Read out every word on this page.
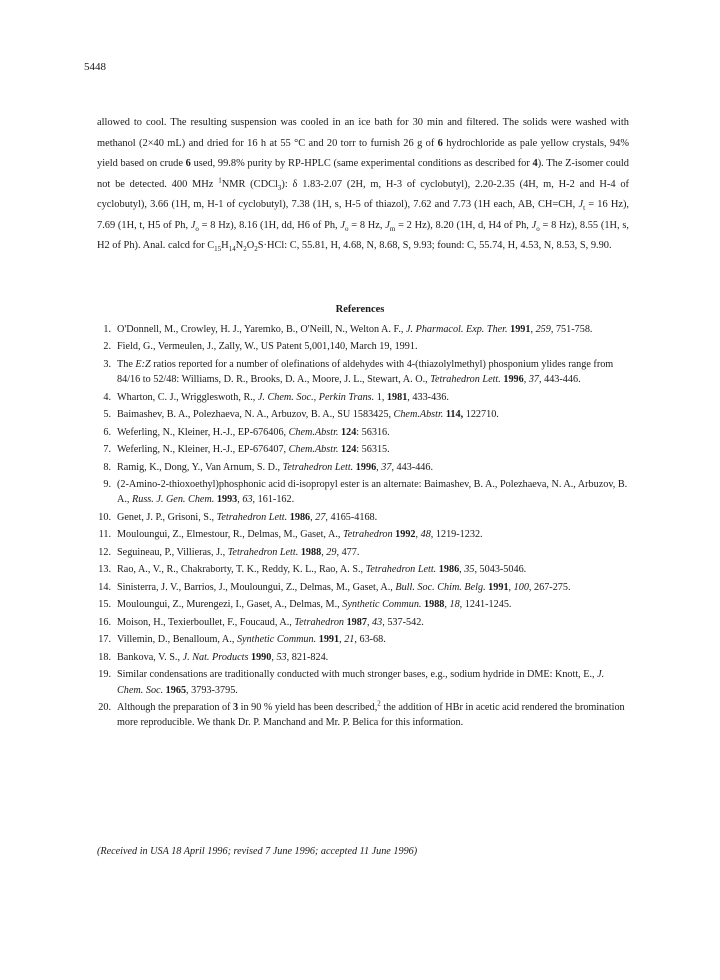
5448
allowed to cool. The resulting suspension was cooled in an ice bath for 30 min and filtered. The solids were washed with methanol (2×40 mL) and dried for 16 h at 55 °C and 20 torr to furnish 26 g of 6 hydrochloride as pale yellow crystals, 94% yield based on crude 6 used, 99.8% purity by RP-HPLC (same experimental conditions as described for 4). The Z-isomer could not be detected. 400 MHz $^1$NMR (CDCl$_3$): δ 1.83-2.07 (2H, m, H-3 of cyclobutyl), 2.20-2.35 (4H, m, H-2 and H-4 of cyclobutyl), 3.66 (1H, m, H-1 of cyclobutyl), 7.38 (1H, s, H-5 of thiazol), 7.62 and 7.73 (1H each, AB, CH=CH, $J_t = 16$ Hz), 7.69 (1H, t, H5 of Ph, $J_o = 8$ Hz), 8.16 (1H, dd, H6 of Ph, $J_o = 8$ Hz, $J_m = 2$ Hz), 8.20 (1H, d, H4 of Ph, $J_o = 8$ Hz), 8.55 (1H, s, H2 of Ph). Anal. calcd for $C_{15}H_{14}N_2O_2S\cdot HCl$: C, 55.81, H, 4.68, N, 8.68, S, 9.93; found: C, 55.74, H, 4.53, N, 8.53, S, 9.90.
References
1. O'Donnell, M., Crowley, H. J., Yaremko, B., O'Neill, N., Welton A. F., J. Pharmacol. Exp. Ther. 1991, 259, 751-758.
2. Field, G., Vermeulen, J., Zally, W., US Patent 5,001,140, March 19, 1991.
3. The E:Z ratios reported for a number of olefinations of aldehydes with 4-(thiazolylmethyl) phosponium ylides range from 84/16 to 52/48: Williams, D. R., Brooks, D. A., Moore, J. L., Stewart, A. O., Tetrahedron Lett. 1996, 37, 443-446.
4. Wharton, C. J., Wriggleswoth, R., J. Chem. Soc., Perkin Trans. 1, 1981, 433-436.
5. Baimashev, B. A., Polezhaeva, N. A., Arbuzov, B. A., SU 1583425, Chem.Abstr. 114, 122710.
6. Weferling, N., Kleiner, H.-J., EP-676406, Chem.Abstr. 124: 56316.
7. Weferling, N., Kleiner, H.-J., EP-676407, Chem.Abstr. 124: 56315.
8. Ramig, K., Dong, Y., Van Arnum, S. D., Tetrahedron Lett. 1996, 37, 443-446.
9. (2-Amino-2-thioxoethyl)phosphonic acid di-isopropyl ester is an alternate: Baimashev, B. A., Polezhaeva, N. A., Arbuzov, B. A., Russ. J. Gen. Chem. 1993, 63, 161-162.
10. Genet, J. P., Grisoni, S., Tetrahedron Lett. 1986, 27, 4165-4168.
11. Mouloungui, Z., Elmestour, R., Delmas, M., Gaset, A., Tetrahedron 1992, 48, 1219-1232.
12. Seguineau, P., Villieras, J., Tetrahedron Lett. 1988, 29, 477.
13. Rao, A., V., R., Chakraborty, T. K., Reddy, K. L., Rao, A. S., Tetrahedron Lett. 1986, 35, 5043-5046.
14. Sinisterra, J. V., Barrios, J., Mouloungui, Z., Delmas, M., Gaset, A., Bull. Soc. Chim. Belg. 1991, 100, 267-275.
15. Mouloungui, Z., Murengezi, I., Gaset, A., Delmas, M., Synthetic Commun. 1988, 18, 1241-1245.
16. Moison, H., Texierboullet, F., Foucaud, A., Tetrahedron 1987, 43, 537-542.
17. Villemin, D., Benalloum, A., Synthetic Commun. 1991, 21, 63-68.
18. Bankova, V. S., J. Nat. Products 1990, 53, 821-824.
19. Similar condensations are traditionally conducted with much stronger bases, e.g., sodium hydride in DME: Knott, E., J. Chem. Soc. 1965, 3793-3795.
20. Although the preparation of 3 in 90 % yield has been described,$^2$ the addition of HBr in acetic acid rendered the bromination more reproducible. We thank Dr. P. Manchand and Mr. P. Belica for this information.
(Received in USA 18 April 1996; revised 7 June 1996; accepted 11 June 1996)
